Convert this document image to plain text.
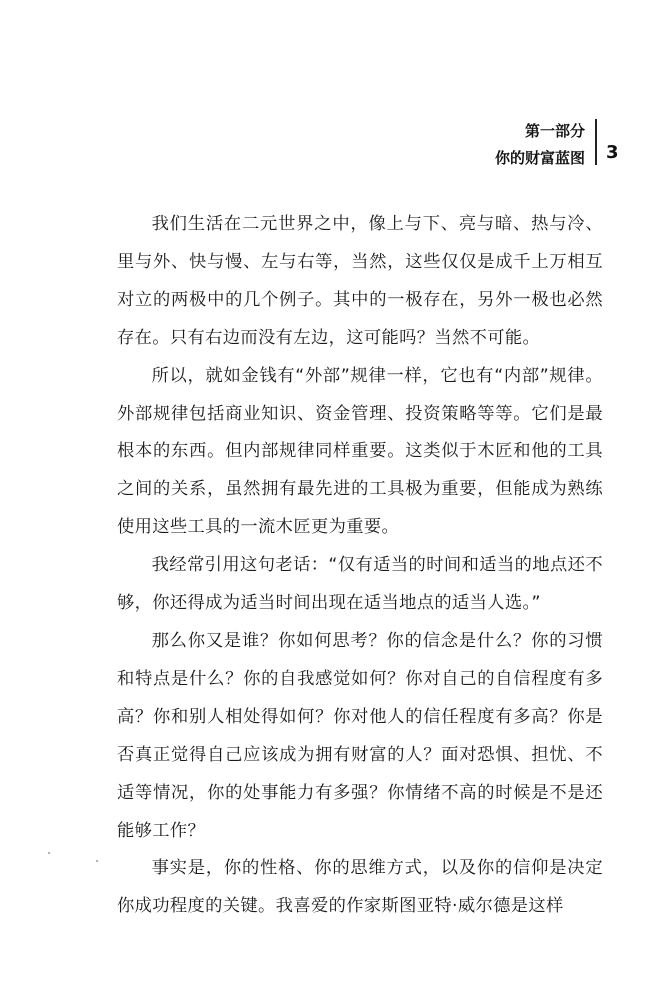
第一部分
你的财富蓝图 3

我们生活在二元世界之中，像上与下、亮与暗、热与冷、里与外、快与慢、左与右等，当然，这些仅仅是成千上万相互对立的两极中的几个例子。其中的一极存在，另外一极也必然存在。只有右边而没有左边，这可能吗？当然不可能。

所以，就如金钱有“外部”规律一样，它也有“内部”规律。外部规律包括商业知识、资金管理、投资策略等等。它们是最根本的东西。但内部规律同样重要。这类似于木匠和他的工具之间的关系，虽然拥有最先进的工具极为重要，但能成为熟练使用这些工具的一流木匠更为重要。

我经常引用这句老话：“仅有适当的时间和适当的地点还不够，你还得成为适当时间出现在适当地点的适当人选。”

那么你又是谁？你如何思考？你的信念是什么？你的习惯和特点是什么？你的自我感觉如何？你对自己的自信程度有多高？你和别人相处得如何？你对他人的信任程度有多高？你是否真正觉得自己应该成为拥有财富的人？面对恐惧、担忧、不适等情况，你的处事能力有多强？你情绪不高的时候是不是还能够工作？

事实是，你的性格、你的思维方式，以及你的信仰是决定你成功程度的关键。我喜爱的作家斯图亚特·威尔德是这样
